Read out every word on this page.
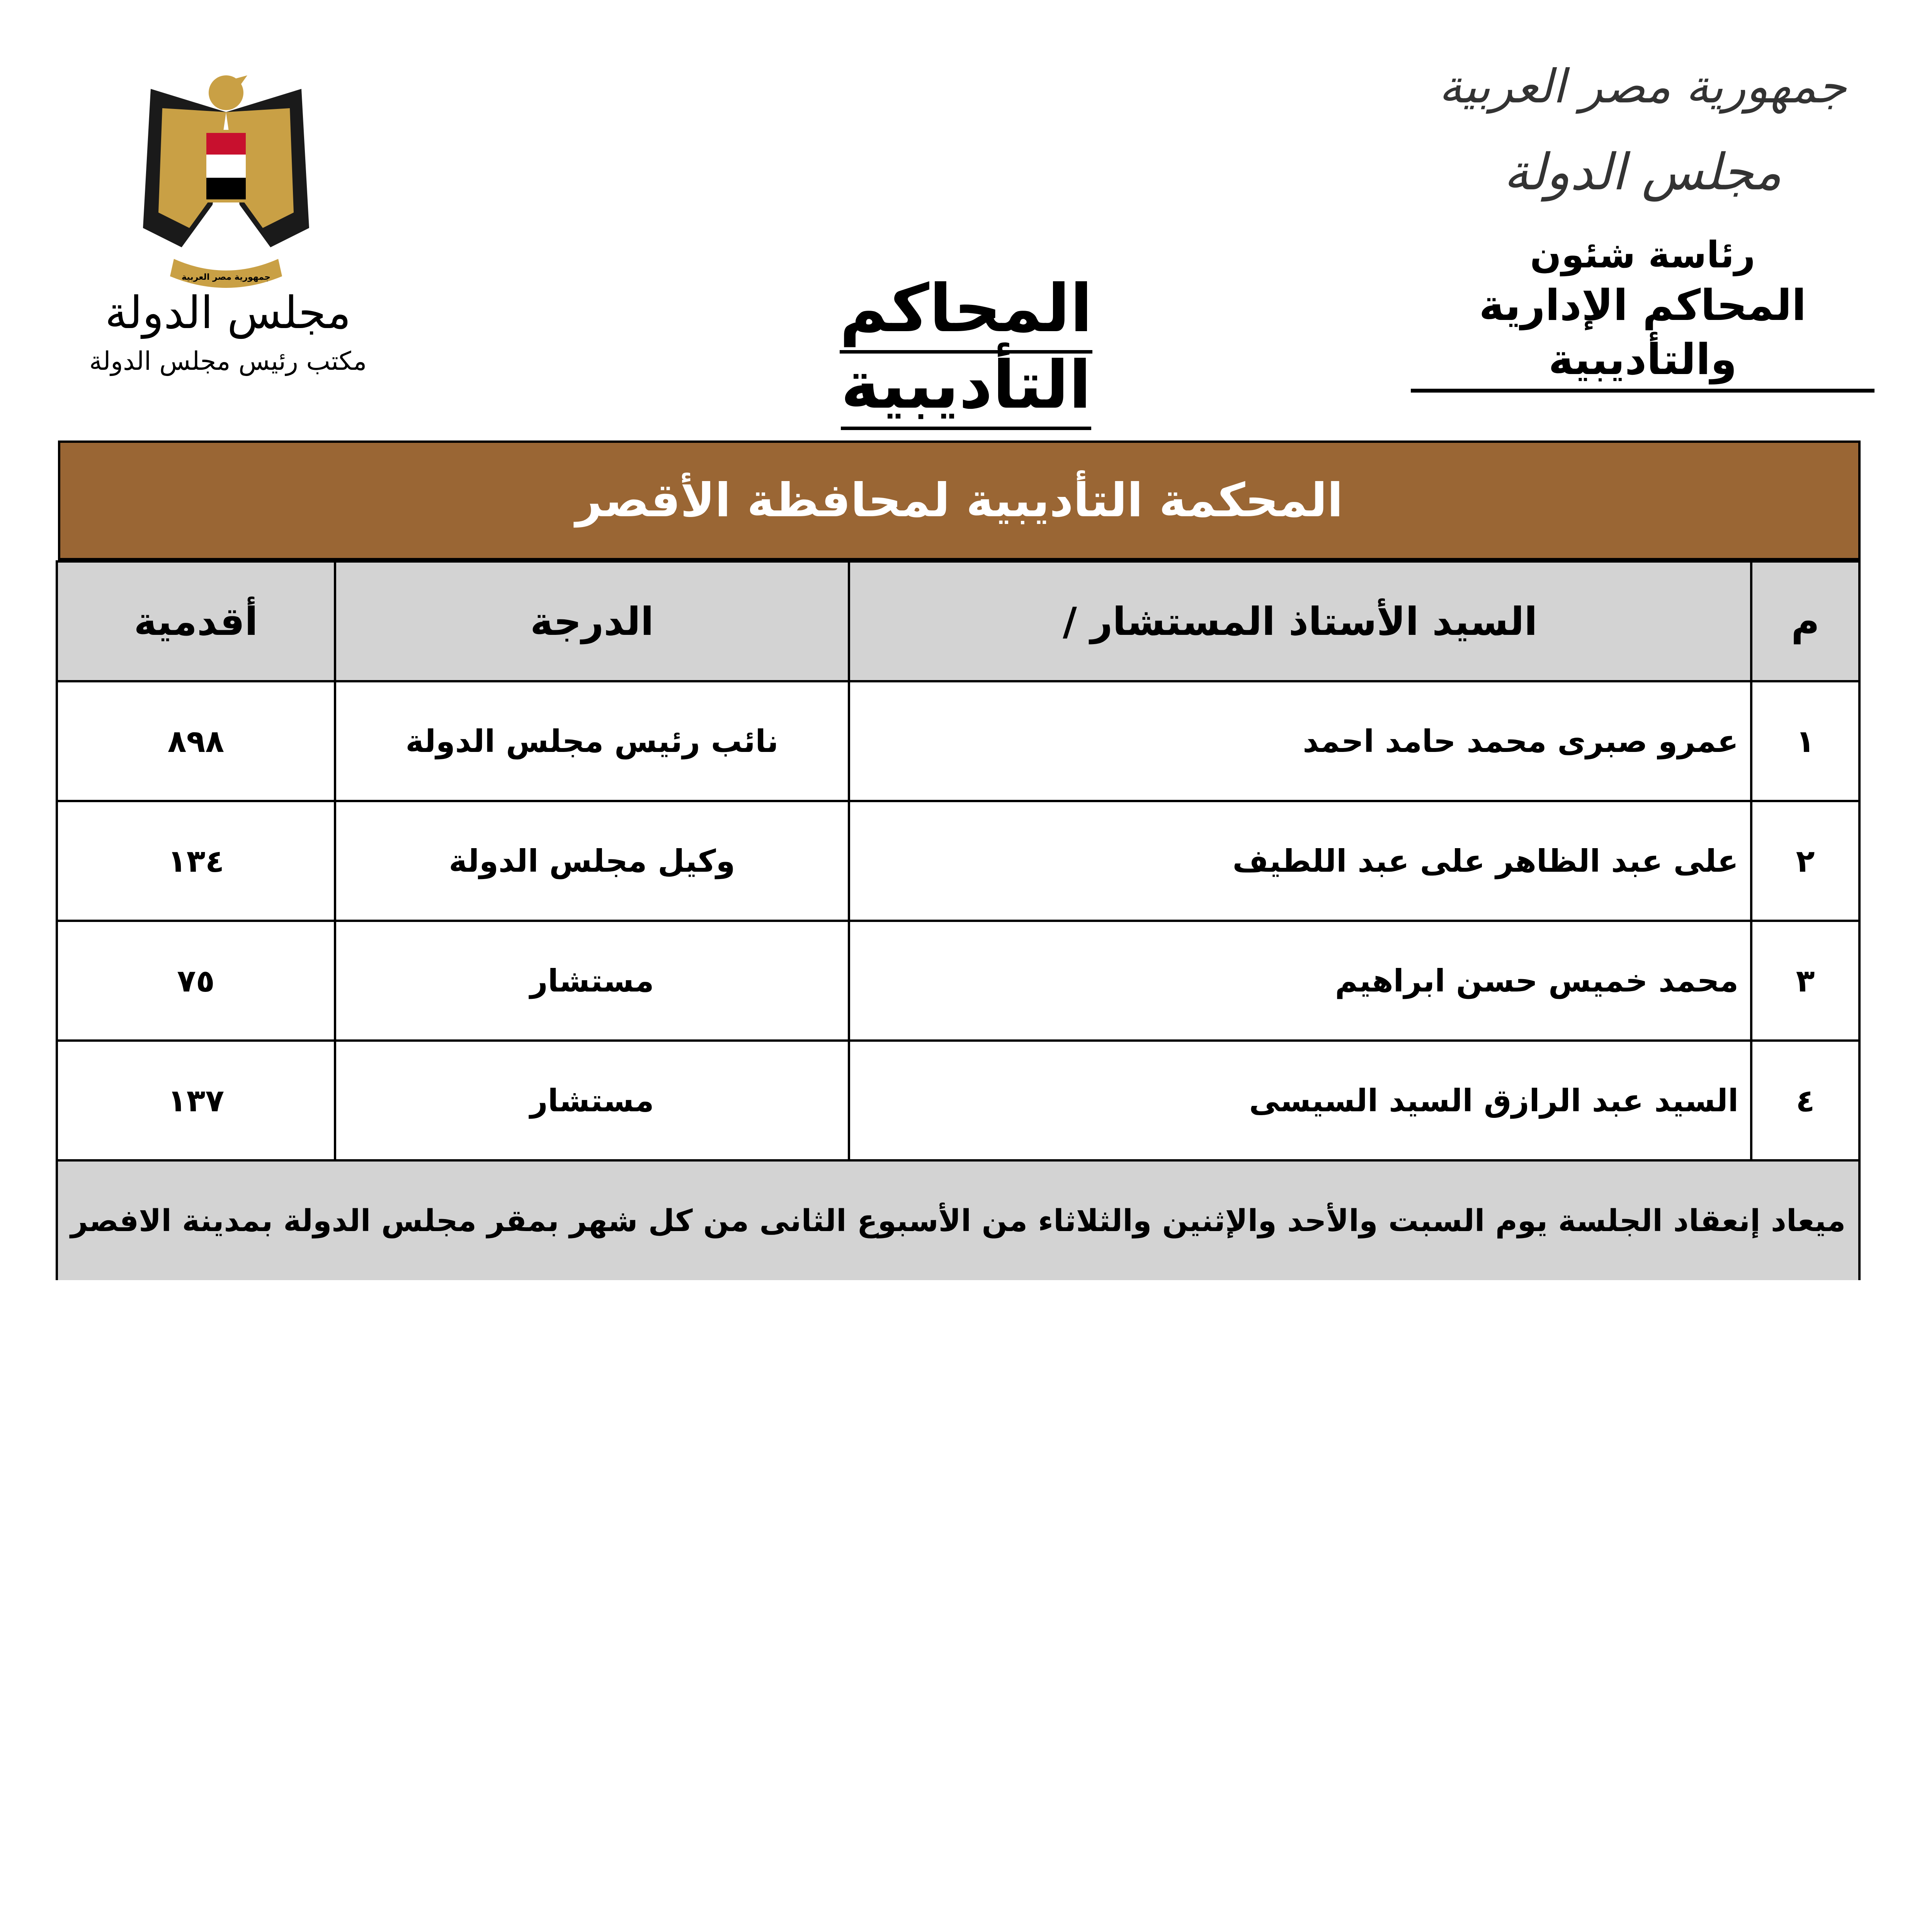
جمهورية مصر العربية
مجلس الدولة
رئاسة شئون
المحاكم الإدارية والتأديبية
المحاكم التأديبية
جمهورية مصر العربية
مجلس الدولة
مكتب رئيس مجلس الدولة
المحكمة التأديبية لمحافظة الأقصر
م	السيد الأستاذ المستشار /	الدرجة	أقدمية
١	عمرو صبرى محمد حامد احمد	نائب رئيس مجلس الدولة	٨٩٨
٢	على عبد الظاهر على عبد اللطيف	وكيل مجلس الدولة	١٣٤
٣	محمد خميس حسن ابراهيم	مستشار	٧٥
٤	السيد عبد الرازق السيد السيسى	مستشار	١٣٧
ميعاد إنعقاد الجلسة يوم السبت والأحد والإثنين والثلاثاء من الأسبوع الثانى من كل شهر بمقر مجلس الدولة بمدينة الافصر			
